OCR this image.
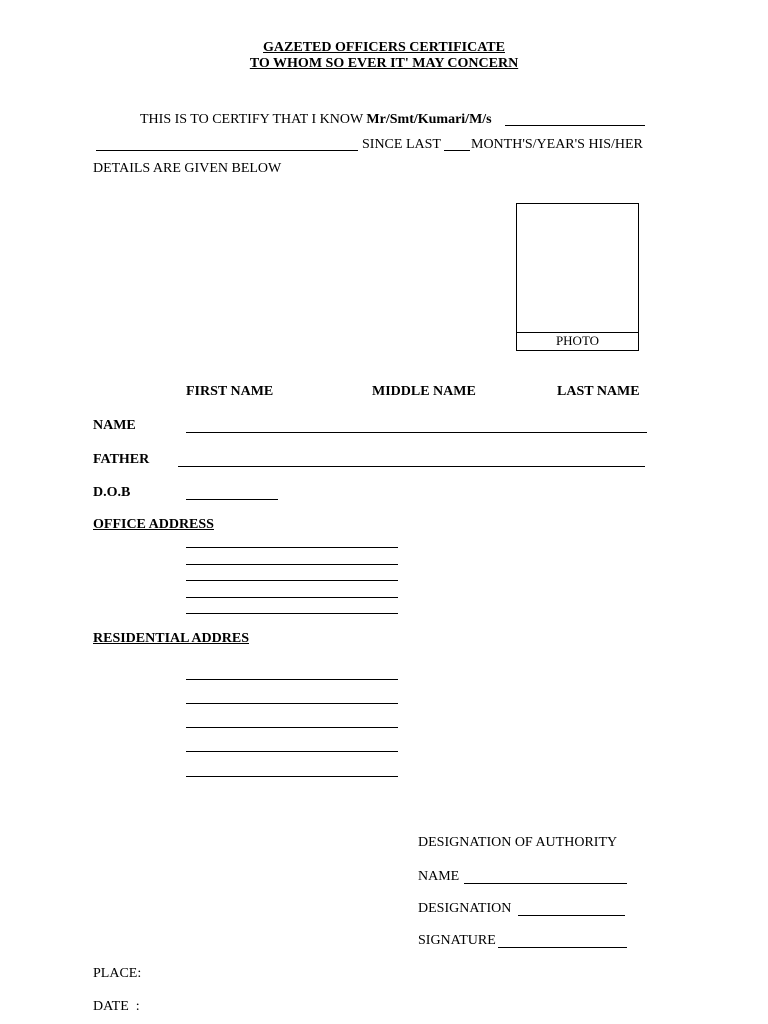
GAZETED OFFICERS CERTIFICATE
TO WHOM SO EVER IT' MAY CONCERN
THIS IS TO CERTIFY THAT I KNOW Mr/Smt/Kumari/M/s
SINCE LAST MONTH'S/YEAR'S HIS/HER
DETAILS ARE GIVEN BELOW
PHOTO
FIRST NAME	MIDDLE NAME	LAST NAME
NAME
FATHER
D.O.B
OFFICE ADDRESS
RESIDENTIAL ADDRES
DESIGNATION OF AUTHORITY
NAME
DESIGNATION
SIGNATURE
PLACE:
DATE  :
